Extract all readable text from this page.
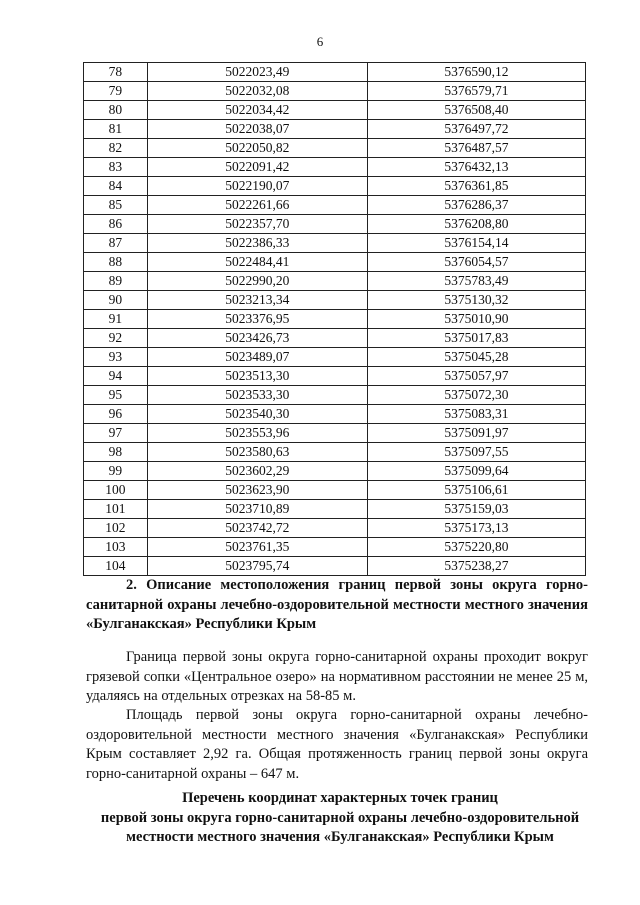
6
78	5022023,49	5376590,12
79	5022032,08	5376579,71
80	5022034,42	5376508,40
81	5022038,07	5376497,72
82	5022050,82	5376487,57
83	5022091,42	5376432,13
84	5022190,07	5376361,85
85	5022261,66	5376286,37
86	5022357,70	5376208,80
87	5022386,33	5376154,14
88	5022484,41	5376054,57
89	5022990,20	5375783,49
90	5023213,34	5375130,32
91	5023376,95	5375010,90
92	5023426,73	5375017,83
93	5023489,07	5375045,28
94	5023513,30	5375057,97
95	5023533,30	5375072,30
96	5023540,30	5375083,31
97	5023553,96	5375091,97
98	5023580,63	5375097,55
99	5023602,29	5375099,64
100	5023623,90	5375106,61
101	5023710,89	5375159,03
102	5023742,72	5375173,13
103	5023761,35	5375220,80
104	5023795,74	5375238,27

2. Описание местоположения границ первой зоны округа горно-санитарной охраны лечебно-оздоровительной местности местного значения «Булганакская» Республики Крым

Граница первой зоны округа горно-санитарной охраны проходит вокруг грязевой сопки «Центральное озеро» на нормативном расстоянии не менее 25 м, удаляясь на отдельных отрезках на 58-85 м.

Площадь первой зоны округа горно-санитарной охраны лечебно-оздоровительной местности местного значения «Булганакская» Республики Крым составляет 2,92 га. Общая протяженность границ первой зоны округа горно-санитарной охраны – 647 м.

Перечень координат характерных точек границ
первой зоны округа горно-санитарной охраны лечебно-оздоровительной
местности местного значения «Булганакская» Республики Крым
